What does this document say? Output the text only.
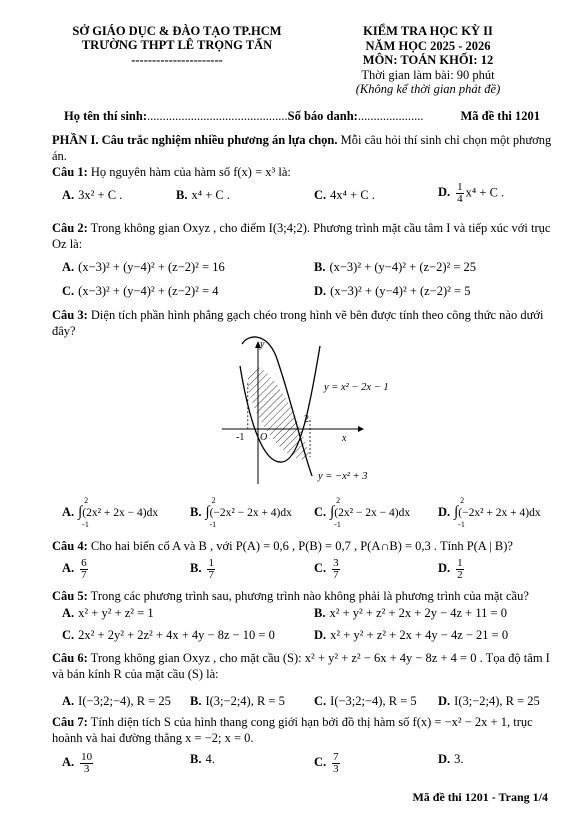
SỞ GIÁO DỤC & ĐÀO TẠO TP.HCM
TRƯỜNG THPT LÊ TRỌNG TẤN
----------------------
KIỂM TRA HỌC KỲ II
NĂM HỌC 2025 - 2026
MÔN: TOÁN KHỐI: 12
Thời gian làm bài: 90 phút
(Không kể thời gian phát đề)
Họ tên thí sinh:.............................................Số báo danh:.....................	Mã đề thi 1201
PHẦN I. Câu trắc nghiệm nhiều phương án lựa chọn. Mỗi câu hỏi thí sinh chỉ chọn một phương án.
Câu 1: Họ nguyên hàm của hàm số f(x) = x³ là:
A. 3x² + C .	B. x⁴ + C .	C. 4x⁴ + C .	D. $\frac{1}{4} x^4 + C$ .
Câu 2: Trong không gian Oxyz , cho điểm I(3;4;2). Phương trình mặt cầu tâm I và tiếp xúc với trục Oz là:
A. (x−3)² + (y−4)² + (z−2)² = 16	B. (x−3)² + (y−4)² + (z−2)² = 25
C. (x−3)² + (y−4)² + (z−2)² = 4	D. (x−3)² + (y−4)² + (z−2)² = 5
Câu 3: Diện tích phần hình phẳng gạch chéo trong hình vẽ bên được tính theo công thức nào dưới đây?
y
x
O
-1
2
y = x² − 2x − 1
y = −x² + 3
A. ∫
2
-1
(2x² + 2x − 4)dx	B. ∫
2
-1
(−2x² − 2x + 4)dx C. ∫
2
-1
(2x² − 2x − 4)dx D. ∫
2
-1
(−2x² + 2x + 4)dx
Câu 4: Cho hai biến cố A và B , với P(A) = 0,6 , P(B) = 0,7 , P(A∩B) = 0,3 . Tính P(A | B)?
A. $\frac{6}{7}$	B. $\frac{1}{7}$	C. $\frac{3}{7}$	D. $\frac{1}{2}$
Câu 5: Trong các phương trình sau, phương trình nào không phải là phương trình của mặt cầu?
A. x² + y² + z² = 1	B. x² + y² + z² + 2x + 2y − 4z + 11 = 0
C. 2x² + 2y² + 2z² + 4x + 4y − 8z − 10 = 0	D. x² + y² + z² + 2x + 4y − 4z − 21 = 0
Câu 6: Trong không gian Oxyz , cho mặt cầu (S): x² + y² + z² − 6x + 4y − 8z + 4 = 0 . Tọa độ tâm I và bán kính R của mặt cầu (S) là:
A. I(−3;2;−4), R = 25 B. I(3;−2;4), R = 5 C. I(−3;2;−4), R = 5 D. I(3;−2;4), R = 25
Câu 7: Tính diện tích S của hình thang cong giới hạn bởi đồ thị hàm số f(x) = −x² − 2x + 1, trục hoành và hai đường thẳng x = −2; x = 0.
A. $\frac{10}{3}$	B. 4.	C. $\frac{7}{3}$	D. 3.
Mã đề thi 1201 - Trang 1/4
